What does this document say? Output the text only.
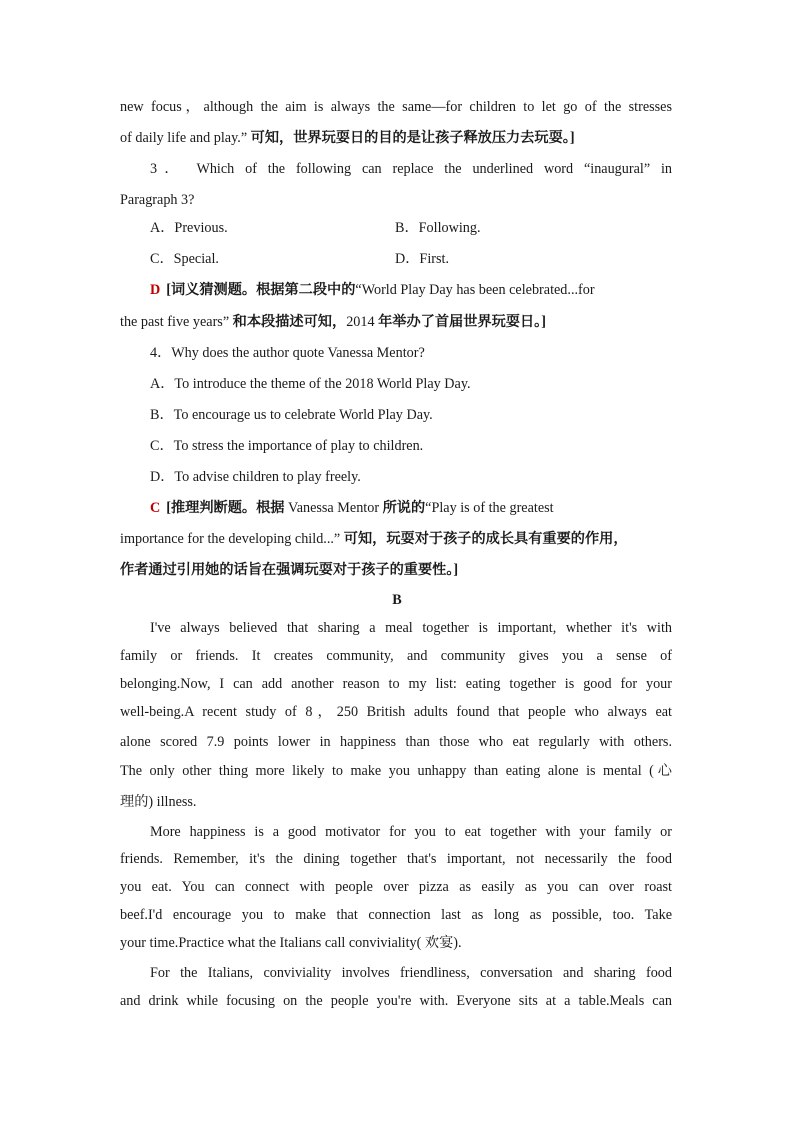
new focus，although the aim is always the same—for children to let go of the stresses
of daily life and play.” 可知，世界玩耍日的目的是让孩子释放压力去玩耍。]
3． Which of the following can replace the underlined word “inaugural” in
Paragraph 3?
A．Previous.	B．Following.
C．Special.	D．First.
D [词义猜测题。根据第二段中的“World Play Day has been celebrated...for
the past five years” 和本段描述可知，2014 年举办了首届世界玩耍日。]
4．Why does the author quote Vanessa Mentor?
A．To introduce the theme of the 2018 World Play Day.
B．To encourage us to celebrate World Play Day.
C．To stress the importance of play to children.
D．To advise children to play freely.
C [推理判断题。根据 Vanessa Mentor 所说的“Play is of the greatest
importance for the developing child...” 可知，玩耍对于孩子的成长具有重要的作用，
作者通过引用她的话旨在强调玩耍对于孩子的重要性。]
B
I've always believed that sharing a meal together is important, whether it's with
family or friends. It creates community, and community gives you a sense of
belonging.Now, I can add another reason to my list: eating together is good for your
well-being.A recent study of 8，250 British adults found that people who always eat
alone scored 7.9 points lower in happiness than those who eat regularly with others.
The only other thing more likely to make you unhappy than eating alone is mental (心
理的) illness.
More happiness is a good motivator for you to eat together with your family or
friends. Remember, it's the dining together that's important, not necessarily the food
you eat. You can connect with people over pizza as easily as you can over roast
beef.I'd encourage you to make that connection last as long as possible, too. Take
your time.Practice what the Italians call conviviality( 欢宴).
For the Italians, conviviality involves friendliness, conversation and sharing food
and drink while focusing on the people you're with. Everyone sits at a table.Meals can
